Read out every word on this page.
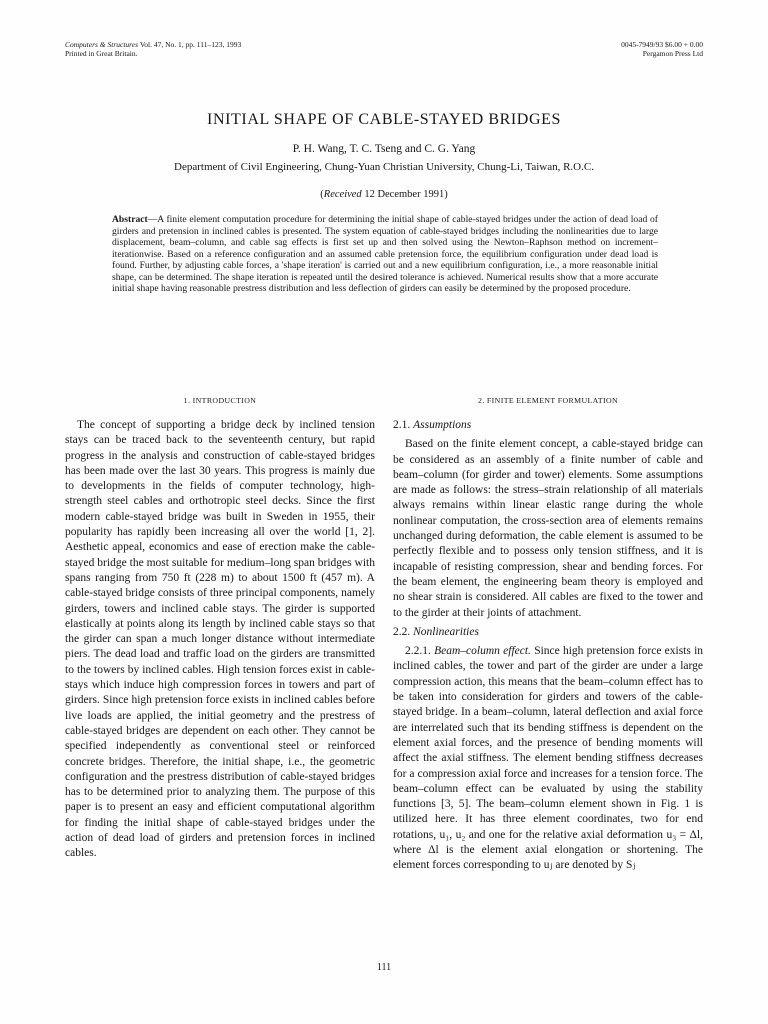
Computers & Structures Vol. 47, No. 1, pp. 111–123, 1993
Printed in Great Britain.
0045-7949/93 $6.00 + 0.00
Pergamon Press Ltd
INITIAL SHAPE OF CABLE-STAYED BRIDGES
P. H. Wang, T. C. Tseng and C. G. Yang
Department of Civil Engineering, Chung-Yuan Christian University, Chung-Li, Taiwan, R.O.C.
(Received 12 December 1991)
Abstract—A finite element computation procedure for determining the initial shape of cable-stayed bridges under the action of dead load of girders and pretension in inclined cables is presented. The system equation of cable-stayed bridges including the nonlinearities due to large displacement, beam–column, and cable sag effects is first set up and then solved using the Newton–Raphson method on increment–iterationwise. Based on a reference configuration and an assumed cable pretension force, the equilibrium configuration under dead load is found. Further, by adjusting cable forces, a 'shape iteration' is carried out and a new equilibrium configuration, i.e., a more reasonable initial shape, can be determined. The shape iteration is repeated until the desired tolerance is achieved. Numerical results show that a more accurate initial shape having reasonable prestress distribution and less deflection of girders can easily be determined by the proposed procedure.
1. INTRODUCTION

The concept of supporting a bridge deck by inclined tension stays can be traced back to the seventeenth century, but rapid progress in the analysis and construction of cable-stayed bridges has been made over the last 30 years. This progress is mainly due to developments in the fields of computer technology, high-strength steel cables and orthotropic steel decks. Since the first modern cable-stayed bridge was built in Sweden in 1955, their popularity has rapidly been increasing all over the world [1, 2]. Aesthetic appeal, economics and ease of erection make the cable-stayed bridge the most suitable for medium–long span bridges with spans ranging from 750 ft (228 m) to about 1500 ft (457 m). A cable-stayed bridge consists of three principal components, namely girders, towers and inclined cable stays. The girder is supported elastically at points along its length by inclined cable stays so that the girder can span a much longer distance without intermediate piers. The dead load and traffic load on the girders are transmitted to the towers by inclined cables. High tension forces exist in cable-stays which induce high compression forces in towers and part of girders. Since high pretension force exists in inclined cables before live loads are applied, the initial geometry and the prestress of cable-stayed bridges are dependent on each other. They cannot be specified independently as conventional steel or reinforced concrete bridges. Therefore, the initial shape, i.e., the geometric configuration and the prestress distribution of cable-stayed bridges has to be determined prior to analyzing them. The purpose of this paper is to present an easy and efficient computational algorithm for finding the initial shape of cable-stayed bridges under the action of dead load of girders and pretension forces in inclined cables.

2. FINITE ELEMENT FORMULATION

2.1. Assumptions

Based on the finite element concept, a cable-stayed bridge can be considered as an assembly of a finite number of cable and beam–column (for girder and tower) elements. Some assumptions are made as follows: the stress–strain relationship of all materials always remains within linear elastic range during the whole nonlinear computation, the cross-section area of elements remains unchanged during deformation, the cable element is assumed to be perfectly flexible and to possess only tension stiffness, and it is incapable of resisting compression, shear and bending forces. For the beam element, the engineering beam theory is employed and no shear strain is considered. All cables are fixed to the tower and to the girder at their joints of attachment.

2.2. Nonlinearities

2.2.1. Beam–column effect. Since high pretension force exists in inclined cables, the tower and part of the girder are under a large compression action, this means that the beam–column effect has to be taken into consideration for girders and towers of the cable-stayed bridge. In a beam–column, lateral deflection and axial force are interrelated such that its bending stiffness is dependent on the element axial forces, and the presence of bending moments will affect the axial stiffness. The element bending stiffness decreases for a compression axial force and increases for a tension force. The beam–column effect can be evaluated by using the stability functions [3, 5]. The beam–column element shown in Fig. 1 is utilized here. It has three element coordinates, two for end rotations, u₁, u₂ and one for the relative axial deformation u₃ = Δl, where Δl is the element axial elongation or shortening. The element forces corresponding to uⱼ are denoted by Sⱼ

111
